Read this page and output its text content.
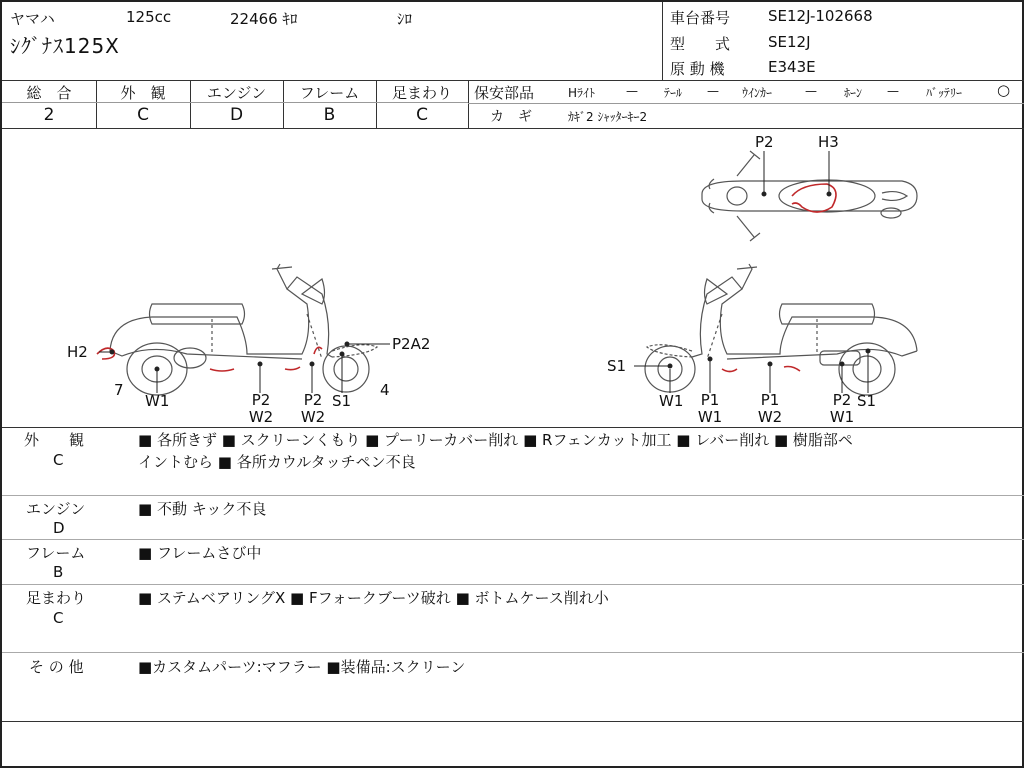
ヤマハ	125cc	22466 ｷﾛ	ｼﾛ
ｼｸﾞﾅｽ125X
車台番号	SE12J-102668
型　　式	SE12J
原 動 機	E343E
総　合	外　観	エンジン	フレーム	足まわり
2	C	D	B	C
保安部品	Hﾗｲﾄ	— ﾃｰﾙ — ｳｲﾝｶｰ	— ﾎｰﾝ — ﾊﾞｯﾃﾘｰ ○
カ　ギ	ｶｷﾞ2 ｼｬｯﾀｰｷｰ2
P2	H3
H2
7
W1	P2
W2
P2
W2
S1
4
P2A2
S1
W1	P1
W1
P1
W2
P2
W1
S1
外　　観
C
■ 各所きず ■ スクリーンくもり ■ プーリーカバー削れ ■ Rフェンカット加工 ■ レバー削れ ■ 樹脂部ペ
イントむら ■ 各所カウルタッチペン不良
エンジン
D
■ 不動 キック不良
フレーム
B
■ フレームさび中
足まわり
C
■ ステムベアリングX ■ Fフォークブーツ破れ ■ ボトムケース削れ小
そ の 他	■カスタムパーツ:マフラー ■装備品:スクリーン
